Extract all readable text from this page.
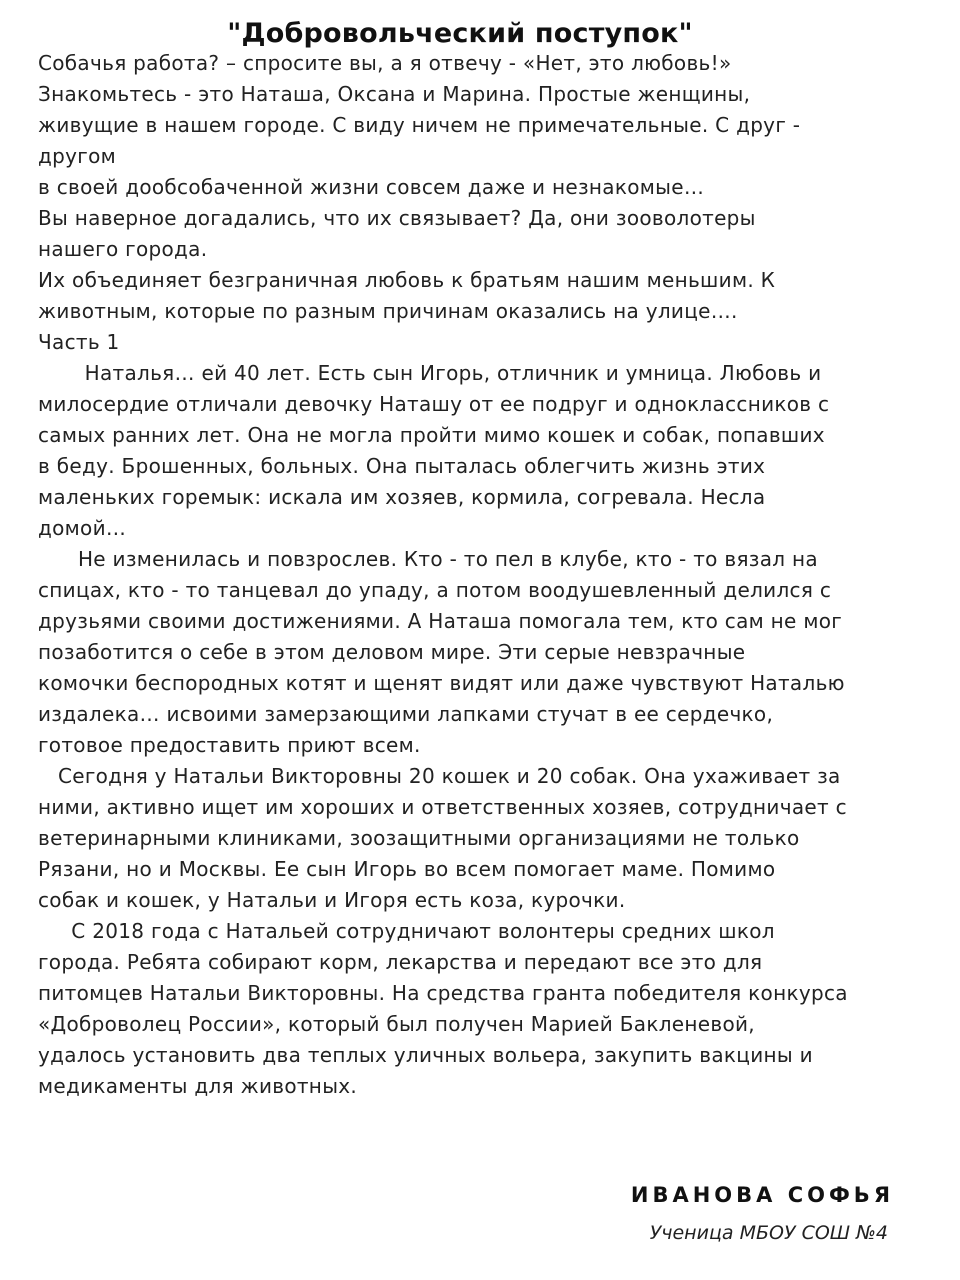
"Добровольческий поступок"
Собачья работа? – спросите вы, а я отвечу - «Нет, это любовь!»
Знакомьтесь - это Наташа, Оксана и Марина. Простые женщины,
живущие в нашем городе. С виду ничем не примечательные. С друг -
другом
в своей дообсобаченной жизни совсем даже и незнакомые…
Вы наверное догадались, что их связывает? Да, они зооволотеры
нашего города.
Их объединяет безграничная любовь к братьям нашим меньшим. К
животным, которые по разным причинам оказались на улице….
Часть 1
Наталья… ей 40 лет. Есть сын Игорь, отличник и умница. Любовь и
милосердие отличали девочку Наташу от ее подруг и одноклассников с
самых ранних лет. Она не могла пройти мимо кошек и собак, попавших
в беду. Брошенных, больных. Она пыталась облегчить жизнь этих
маленьких горемык: искала им хозяев, кормила, согревала. Несла
домой…
Не изменилась и повзрослев. Кто - то пел в клубе, кто - то вязал на
спицах, кто - то танцевал до упаду, а потом воодушевленный делился с
друзьями своими достижениями. А Наташа помогала тем, кто сам не мог
позаботится о себе в этом деловом мире. Эти серые невзрачные
комочки беспородных котят и щенят видят или даже чувствуют Наталью
издалека… исвоими замерзающими лапками стучат в ее сердечко,
готовое предоставить приют всем.
Сегодня у Натальи Викторовны 20 кошек и 20 собак. Она ухаживает за
ними, активно ищет им хороших и ответственных хозяев, сотрудничает с
ветеринарными клиниками, зоозащитными организациями не только
Рязани, но и Москвы. Ее сын Игорь во всем помогает маме. Помимо
собак и кошек, у Натальи и Игоря есть коза, курочки.
С 2018 года с Натальей сотрудничают волонтеры средних школ
города. Ребята собирают корм, лекарства и передают все это для
питомцев Натальи Викторовны. На средства гранта победителя конкурса
«Доброволец России», который был получен Марией Бакленевой,
удалось установить два теплых уличных вольера, закупить вакцины и
медикаменты для животных.
ИВАНОВА СОФЬЯ
Ученица МБОУ СОШ №4
